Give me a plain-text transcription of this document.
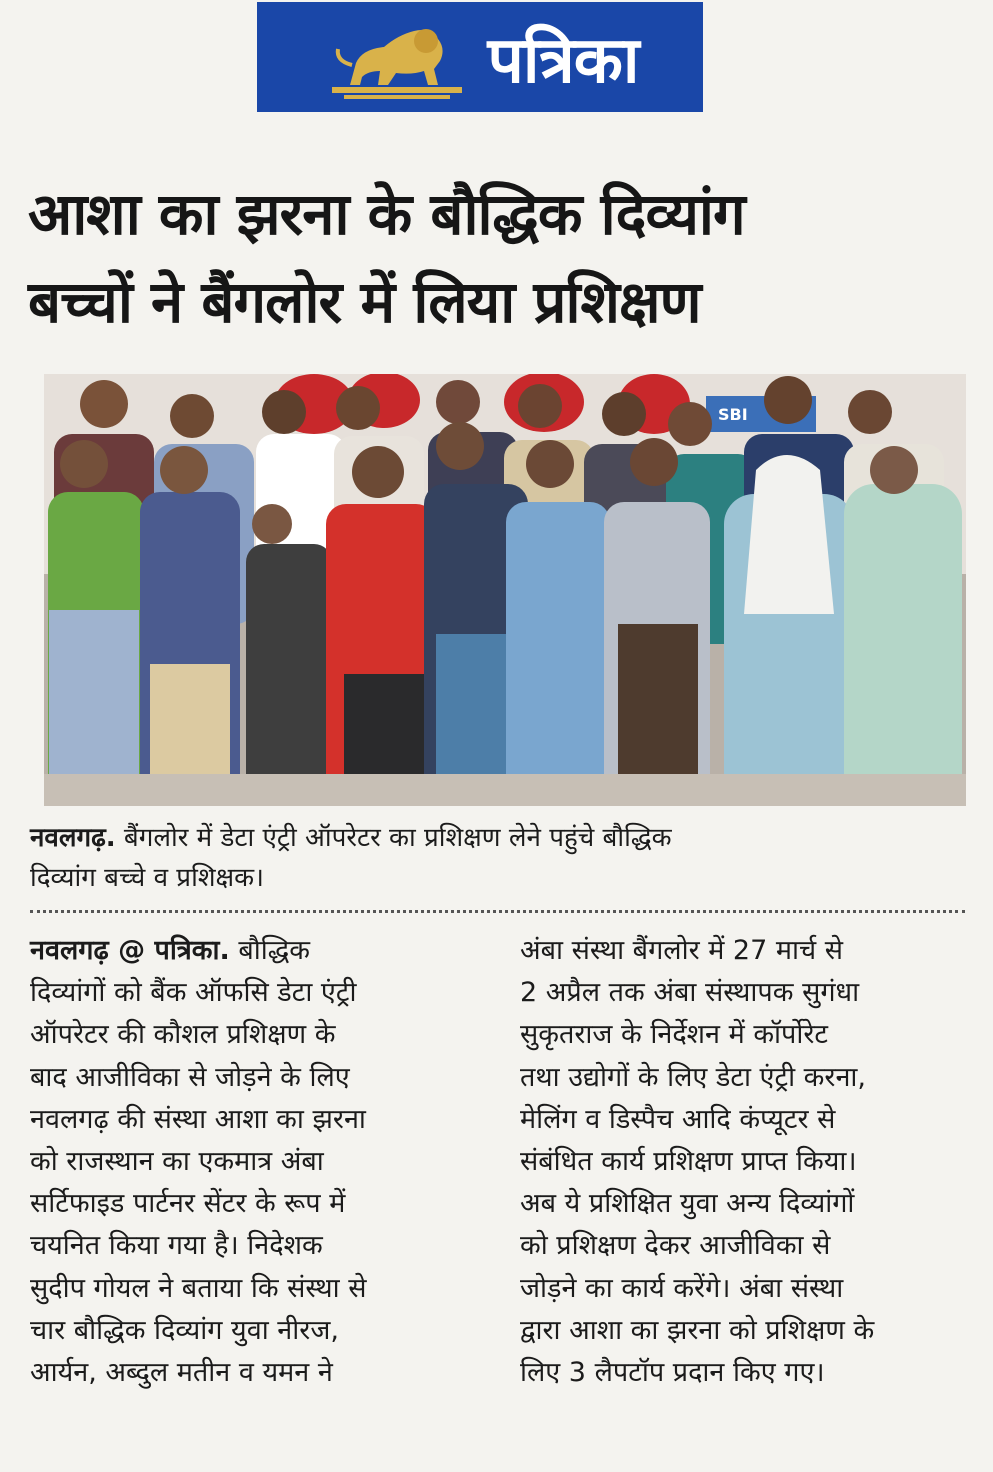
पत्रिका
आशा का झरना के बौद्धिक दिव्यांग
बच्चों ने बैंगलोर में लिया प्रशिक्षण
SBI
नवलगढ़. बैंगलोर में डेटा एंट्री ऑपरेटर का प्रशिक्षण लेने पहुंचे बौद्धिक
दिव्यांग बच्चे व प्रशिक्षक।
नवलगढ़ @ पत्रिका. बौद्धिक
दिव्यांगों को बैंक ऑफसि डेटा एंट्री
ऑपरेटर की कौशल प्रशिक्षण के
बाद आजीविका से जोड़ने के लिए
नवलगढ़ की संस्था आशा का झरना
को राजस्थान का एकमात्र अंबा
सर्टिफाइड पार्टनर सेंटर के रूप में
चयनित किया गया है। निदेशक
सुदीप गोयल ने बताया कि संस्था से
चार बौद्धिक दिव्यांग युवा नीरज,
आर्यन, अब्दुल मतीन व यमन ने
अंबा संस्था बैंगलोर में 27 मार्च से
2 अप्रैल तक अंबा संस्थापक सुगंधा
सुकृतराज के निर्देशन में कॉर्पोरेट
तथा उद्योगों के लिए डेटा एंट्री करना,
मेलिंग व डिस्पैच आदि कंप्यूटर से
संबंधित कार्य प्रशिक्षण प्राप्त किया।
अब ये प्रशिक्षित युवा अन्य दिव्यांगों
को प्रशिक्षण देकर आजीविका से
जोड़ने का कार्य करेंगे। अंबा संस्था
द्वारा आशा का झरना को प्रशिक्षण के
लिए 3 लैपटॉप प्रदान किए गए।
